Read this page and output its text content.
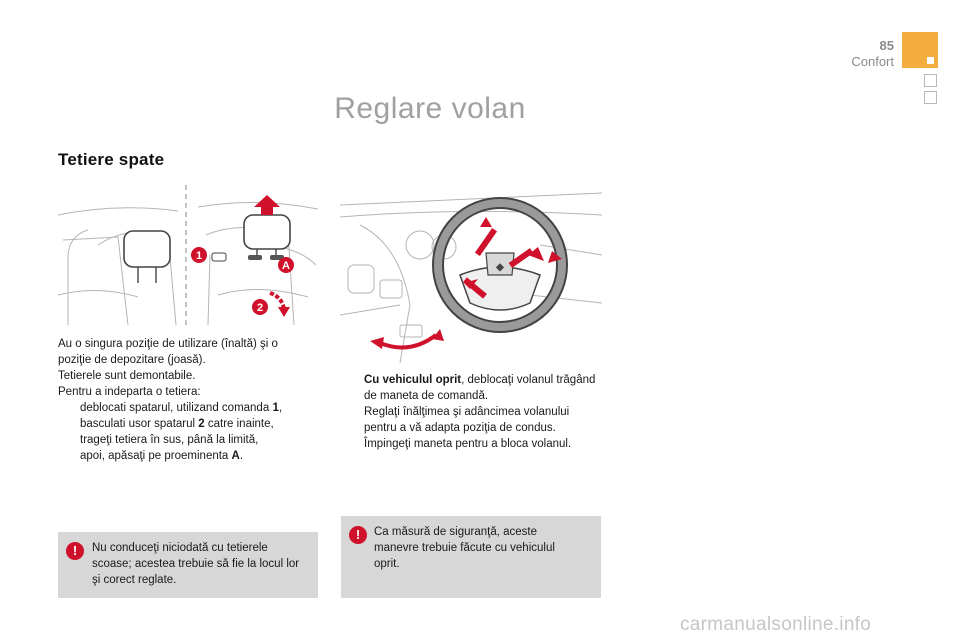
85
Confort
Reglare volan
Tetiere spate
1
A
2
◆

Au o singura poziţie de utilizare (înaltă) şi o poziţie de depozitare (joasă).

Tetierele sunt demontabile.

Pentru a indeparta o tetiera:

deblocati spatarul, utilizand comanda 1,
basculati usor spatarul 2 catre inainte,
trageţi tetiera în sus, până la limită,
apoi, apăsaţi pe proeminenta A.
Cu vehiculul oprit, deblocaţi volanul trăgând de maneta de comandă.
Reglaţi înălţimea şi adâncimea volanului pentru a vă adapta poziţia de condus.
Împingeţi maneta pentru a bloca volanul.
!	Nu conduceţi niciodată cu tetierele scoase; acestea trebuie să fie la locul lor şi corect reglate.
!	Ca măsură de siguranţă, aceste manevre trebuie făcute cu vehiculul oprit.
carmanualsonline.info
